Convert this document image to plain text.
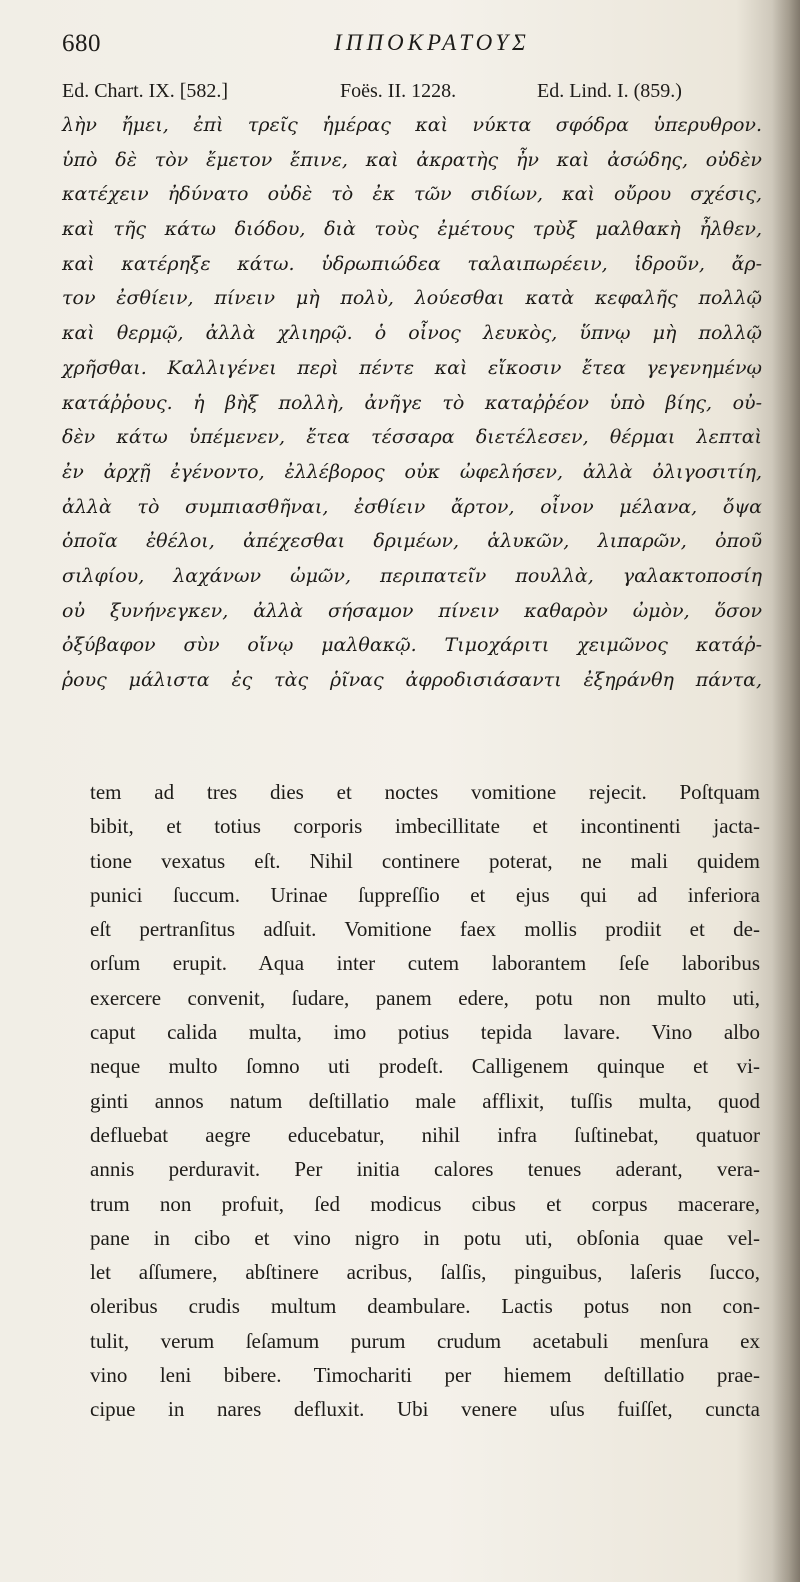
680	ΙΠΠΟΚΡΑΤΟΥΣ
Ed. Chart. IX. [582.]	Foës. II. 1228.	Ed. Lind. I. (859.)
λὴν ἤμει, ἐπὶ τρεῖς ἡμέρας καὶ νύκτα σφόδρα ὑπερυθρον.
ὑπὸ δὲ τὸν ἔμετον ἔπινε, καὶ ἀκρατὴς ἦν καὶ ἀσώδης, οὐδὲν
κατέχειν ἠδύνατο οὐδὲ τὸ ἐκ τῶν σιδίων, καὶ οὔρου σχέσις,
καὶ τῆς κάτω διόδου, διὰ τοὺς ἐμέτους τρὺξ μαλθακὴ ἦλθεν,
καὶ κατέρηξε κάτω. ὑδρωπιώδεα ταλαιπωρέειν, ἱδροῦν, ἄρ-
τον ἐσθίειν, πίνειν μὴ πολὺ, λούεσθαι κατὰ κεφαλῆς πολλῷ
καὶ θερμῷ, ἀλλὰ χλιηρῷ. ὁ οἶνος λευκὸς, ὕπνῳ μὴ πολλῷ
χρῆσθαι. Καλλιγένει περὶ πέντε καὶ εἴκοσιν ἔτεα γεγενημένῳ
κατάῤῥους. ἡ βὴξ πολλὴ, ἀνῆγε τὸ καταῤῥέον ὑπὸ βίης, οὐ-
δὲν κάτω ὑπέμενεν, ἔτεα τέσσαρα διετέλεσεν, θέρμαι λεπταὶ
ἐν ἀρχῇ ἐγένοντο, ἐλλέβορος οὐκ ὠφελήσεν, ἀλλὰ ὀλιγοσιτίη,
ἀλλὰ τὸ συμπιασθῆναι, ἐσθίειν ἄρτον, οἶνον μέλανα, ὄψα
ὁποῖα ἐθέλοι, ἀπέχεσθαι δριμέων, ἁλυκῶν, λιπαρῶν, ὀποῦ
σιλφίου, λαχάνων ὠμῶν, περιπατεῖν πουλλὰ, γαλακτοποσίη
οὐ ξυνήνεγκεν, ἀλλὰ σήσαμον πίνειν καθαρὸν ὠμὸν, ὅσον
ὀξύβαφον σὺν οἴνῳ μαλθακῷ. Τιμοχάριτι χειμῶνος κατάῤ-
ῥους μάλιστα ἐς τὰς ῥῖνας ἀφροδισιάσαντι ἐξηράνθη πάντα,
tem ad tres dies et noctes vomitione rejecit. Poſtquam
bibit, et totius corporis imbecillitate et incontinenti jacta-
tione vexatus eſt. Nihil continere poterat, ne mali quidem
punici ſuccum. Urinae ſuppreſſio et ejus qui ad inferiora
eſt pertranſitus adſuit. Vomitione faex mollis prodiit et de-
orſum erupit. Aqua inter cutem laborantem ſeſe laboribus
exercere convenit, ſudare, panem edere, potu non multo uti,
caput calida multa, imo potius tepida lavare. Vino albo
neque multo ſomno uti prodeſt. Calligenem quinque et vi-
ginti annos natum deſtillatio male afflixit, tuſſis multa, quod
defluebat aegre educebatur, nihil infra ſuſtinebat, quatuor
annis perduravit. Per initia calores tenues aderant, vera-
trum non profuit, ſed modicus cibus et corpus macerare,
pane in cibo et vino nigro in potu uti, obſonia quae vel-
let aſſumere, abſtinere acribus, ſalſis, pinguibus, laſeris ſucco,
oleribus crudis multum deambulare. Lactis potus non con-
tulit, verum ſeſamum purum crudum acetabuli menſura ex
vino leni bibere. Timochariti per hiemem deſtillatio prae-
cipue in nares defluxit. Ubi venere uſus fuiſſet, cuncta
